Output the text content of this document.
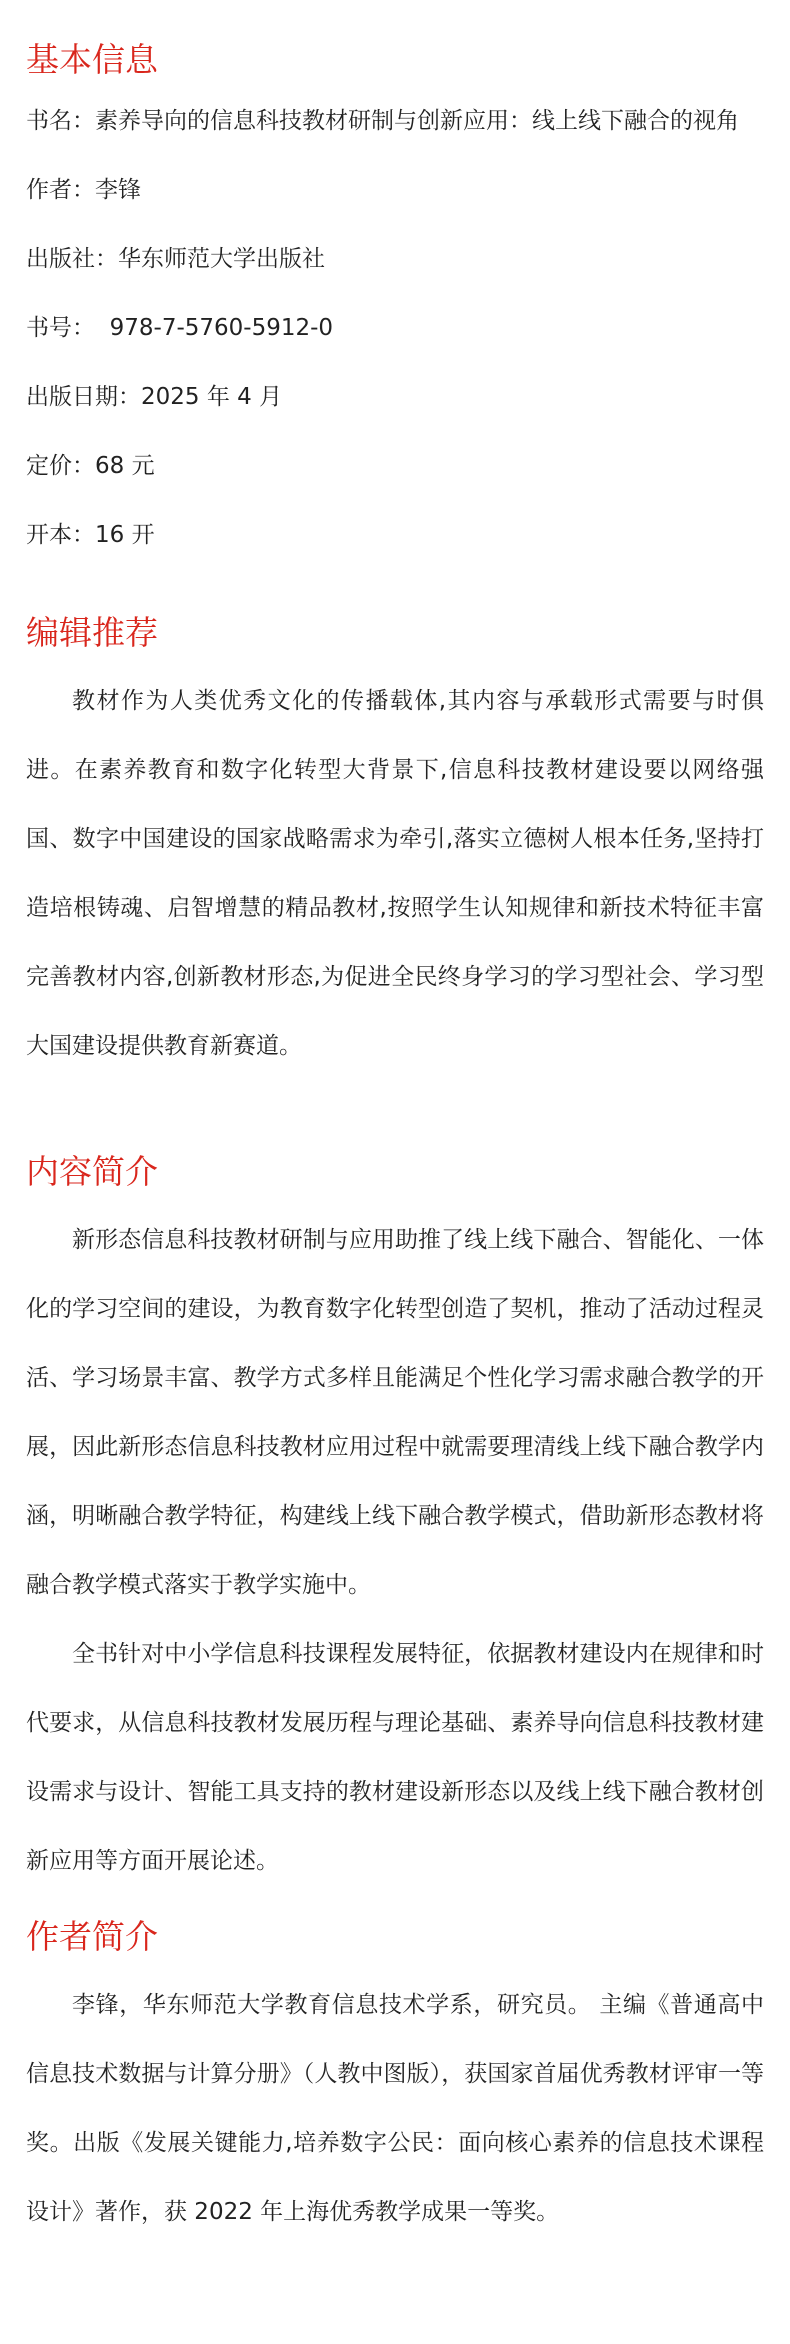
基本信息

书名：素养导向的信息科技教材研制与创新应用：线上线下融合的视角

作者：李锋

出版社：华东师范大学出版社

书号：  978-7-5760-5912-0

出版日期：2025 年 4 月

定价：68 元

开本：16 开

编辑推荐

教材作为人类优秀文化的传播载体,其内容与承载形式需要与时俱进。在素养教育和数字化转型大背景下,信息科技教材建设要以网络强国、数字中国建设的国家战略需求为牵引,落实立德树人根本任务,坚持打造培根铸魂、启智增慧的精品教材,按照学生认知规律和新技术特征丰富完善教材内容,创新教材形态,为促进全民终身学习的学习型社会、学习型大国建设提供教育新赛道。

内容简介

新形态信息科技教材研制与应用助推了线上线下融合、智能化、一体化的学习空间的建设，为教育数字化转型创造了契机，推动了活动过程灵活、学习场景丰富、教学方式多样且能满足个性化学习需求融合教学的开展，因此新形态信息科技教材应用过程中就需要理清线上线下融合教学内涵，明晰融合教学特征，构建线上线下融合教学模式，借助新形态教材将融合教学模式落实于教学实施中。

全书针对中小学信息科技课程发展特征，依据教材建设内在规律和时代要求，从信息科技教材发展历程与理论基础、素养导向信息科技教材建设需求与设计、智能工具支持的教材建设新形态以及线上线下融合教材创新应用等方面开展论述。

作者简介

李锋，华东师范大学教育信息技术学系，研究员。 主编《普通高中信息技术数据与计算分册》（人教中图版），获国家首届优秀教材评审一等奖。出版《发展关键能力,培养数字公民：面向核心素养的信息技术课程设计》著作，获 2022 年上海优秀教学成果一等奖。
